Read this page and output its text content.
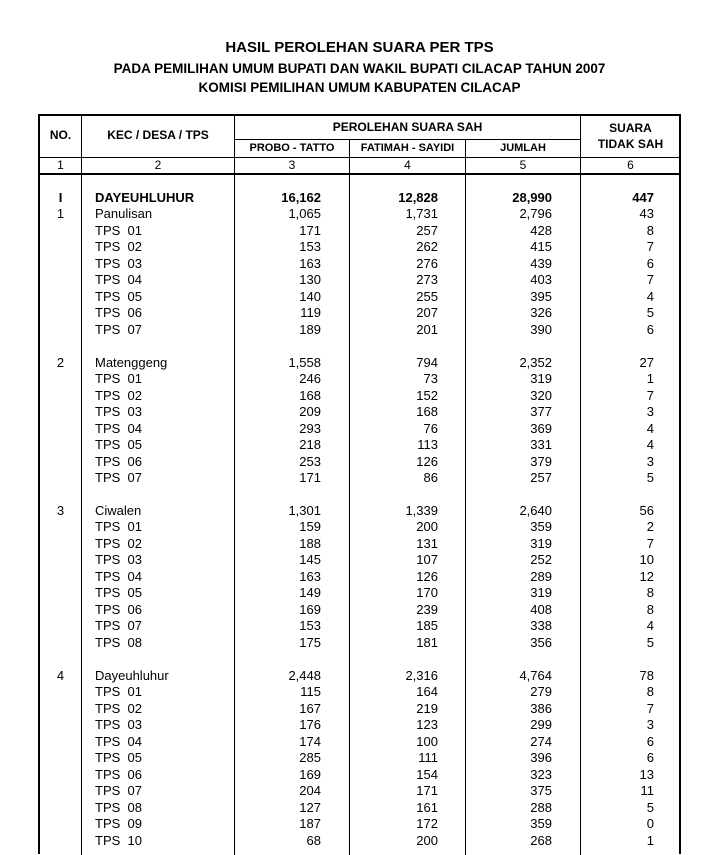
HASIL PEROLEHAN SUARA PER TPS
PADA PEMILIHAN UMUM BUPATI DAN WAKIL BUPATI CILACAP TAHUN 2007
KOMISI PEMILIHAN UMUM KABUPATEN CILACAP
NO.	KEC / DESA / TPS
PEROLEHAN SUARA SAH
PROBO - TATTO	FATIMAH - SAYIDI	JUMLAH
SUARA
TIDAK SAH
1	2	3	4	5	6
I	DAYEUHLUHUR	16,162	12,828	28,990	447
1	Panulisan	1,065	1,731	2,796	43
TPS  01	171	257	428	8
TPS  02	153	262	415	7
TPS  03	163	276	439	6
TPS  04	130	273	403	7
TPS  05	140	255	395	4
TPS  06	119	207	326	5
TPS  07	189	201	390	6
2	Matenggeng	1,558	794	2,352	27
TPS  01	246	73	319	1
TPS  02	168	152	320	7
TPS  03	209	168	377	3
TPS  04	293	76	369	4
TPS  05	218	113	331	4
TPS  06	253	126	379	3
TPS  07	171	86	257	5
3	Ciwalen	1,301	1,339	2,640	56
TPS  01	159	200	359	2
TPS  02	188	131	319	7
TPS  03	145	107	252	10
TPS  04	163	126	289	12
TPS  05	149	170	319	8
TPS  06	169	239	408	8
TPS  07	153	185	338	4
TPS  08	175	181	356	5
4	Dayeuhluhur	2,448	2,316	4,764	78
TPS  01	115	164	279	8
TPS  02	167	219	386	7
TPS  03	176	123	299	3
TPS  04	174	100	274	6
TPS  05	285	111	396	6
TPS  06	169	154	323	13
TPS  07	204	171	375	11
TPS  08	127	161	288	5
TPS  09	187	172	359	0
TPS  10	68	200	268	1
